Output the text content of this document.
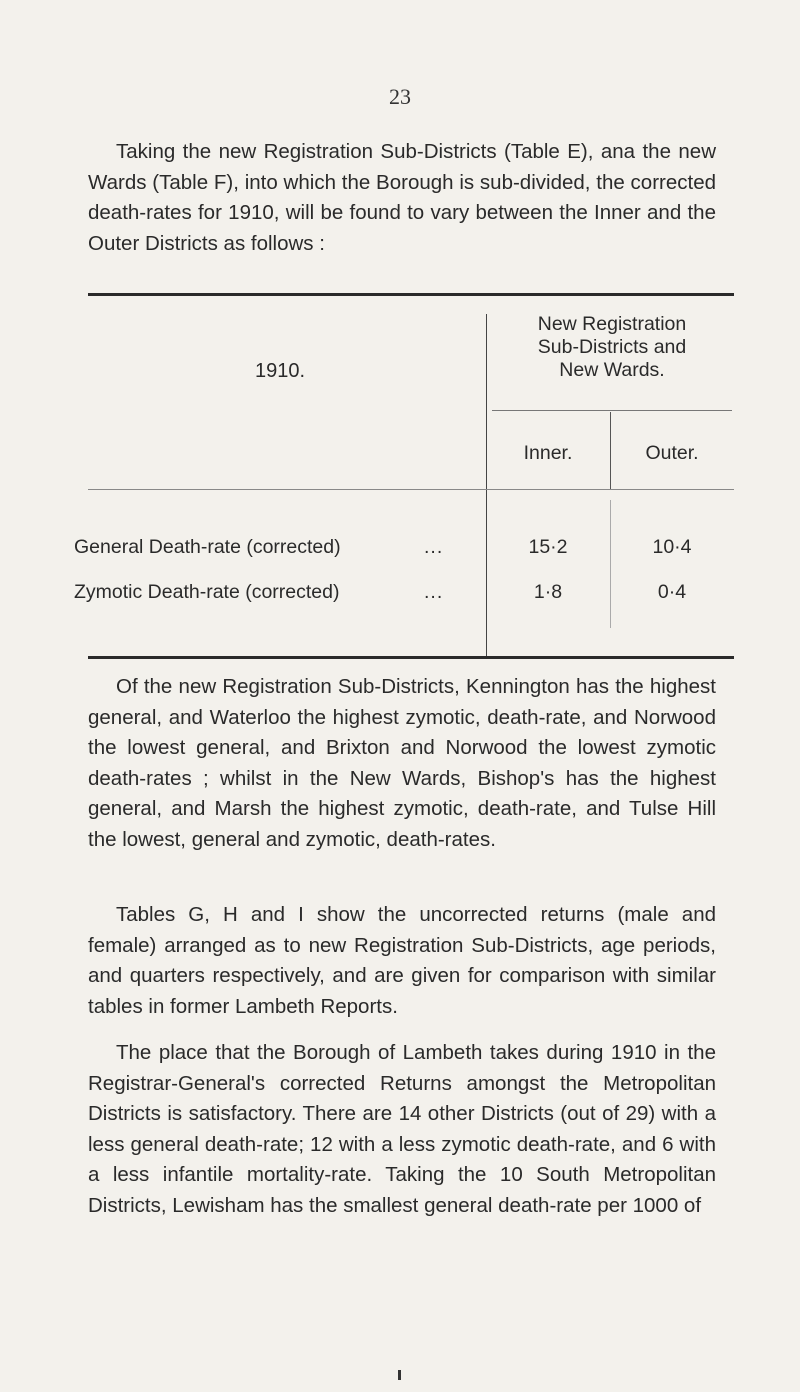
23

Taking the new Registration Sub-Districts (Table E), ana the new Wards (Table F), into which the Borough is sub-divided, the corrected death-rates for 1910, will be found to vary between the Inner and the Outer Districts as follows :

1910.
New Registration
Sub-Districts and
New Wards.
Inner.	Outer.
General Death-rate (corrected)	...	15·2	10·4
Zymotic Death-rate (corrected)	...	1·8	0·4

Of the new Registration Sub-Districts, Kennington has the highest general, and Waterloo the highest zymotic, death-rate, and Norwood the lowest general, and Brixton and Norwood the lowest zymotic death-rates ; whilst in the New Wards, Bishop's has the highest general, and Marsh the highest zymotic, death-rate, and Tulse Hill the lowest, general and zymotic, death-rates.

Tables G, H and I show the uncorrected returns (male and female) arranged as to new Registration Sub-Districts, age periods, and quarters respectively, and are given for comparison with similar tables in former Lambeth Reports.

The place that the Borough of Lambeth takes during 1910 in the Registrar-General's corrected Returns amongst the Metropolitan Districts is satisfactory. There are 14 other Districts (out of 29) with a less general death-rate; 12 with a less zymotic death-rate, and 6 with a less infantile mortality-rate. Taking the 10 South Metropolitan Districts, Lewisham has the smallest general death-rate per 1000 of
